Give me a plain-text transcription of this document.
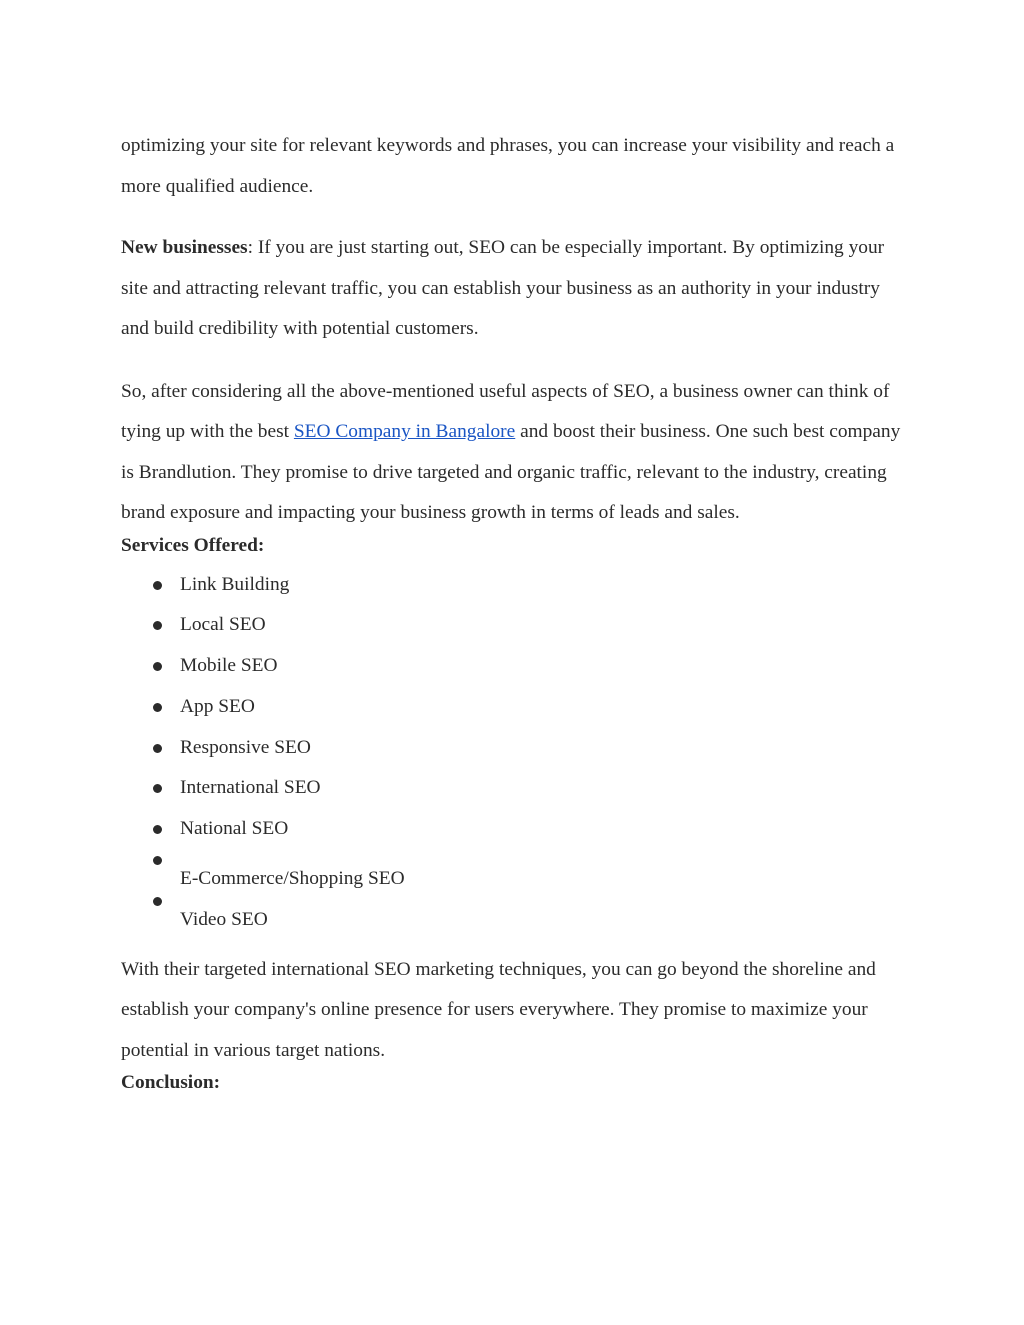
optimizing your site for relevant keywords and phrases, you can increase your visibility and reach a more qualified audience.

New businesses: If you are just starting out, SEO can be especially important. By optimizing your site and attracting relevant traffic, you can establish your business as an authority in your industry and build credibility with potential customers.

So, after considering all the above-mentioned useful aspects of SEO, a business owner can think of tying up with the best SEO Company in Bangalore and boost their business. One such best company is Brandlution. They promise to drive targeted and organic traffic, relevant to the industry, creating brand exposure and impacting your business growth in terms of leads and sales.

Services Offered:

Link Building
Local SEO
Mobile SEO
App SEO
Responsive SEO
International SEO
National SEO
E-Commerce/Shopping SEO
Video SEO

With their targeted international SEO marketing techniques, you can go beyond the shoreline and establish your company's online presence for users everywhere. They promise to maximize your potential in various target nations.

Conclusion:
